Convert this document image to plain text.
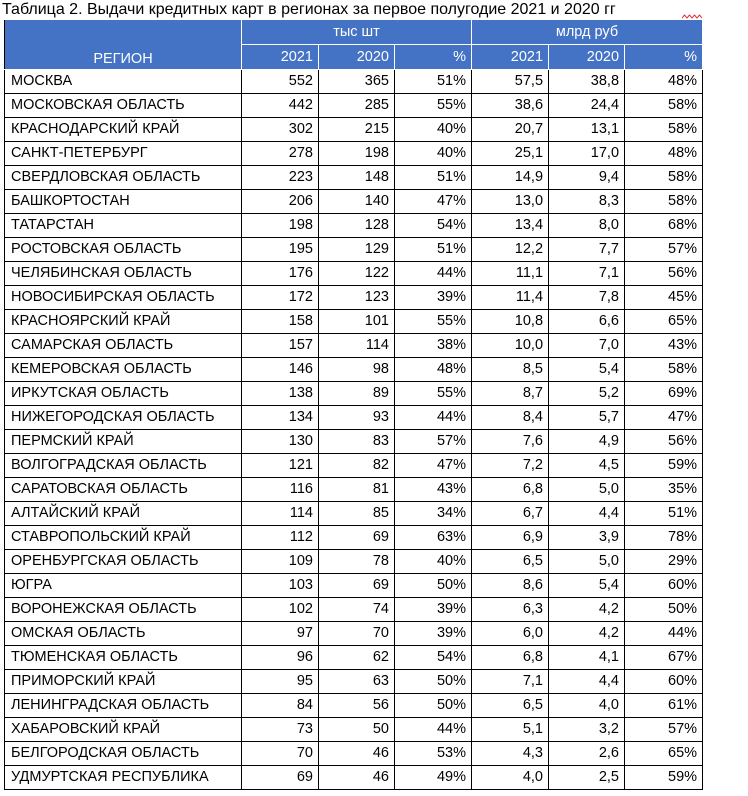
Таблица 2. Выдачи кредитных карт в регионах за первое полугодие 2021 и 2020 гг
РЕГИОН	тыс шт			млрд руб		
	2021	2020	%	2021	2020	%
МОСКВА	552	365	51%	57,5	38,8	48%
МОСКОВСКАЯ ОБЛАСТЬ	442	285	55%	38,6	24,4	58%
КРАСНОДАРСКИЙ КРАЙ	302	215	40%	20,7	13,1	58%
САНКТ-ПЕТЕРБУРГ	278	198	40%	25,1	17,0	48%
СВЕРДЛОВСКАЯ ОБЛАСТЬ	223	148	51%	14,9	9,4	58%
БАШКОРТОСТАН	206	140	47%	13,0	8,3	58%
ТАТАРСТАН	198	128	54%	13,4	8,0	68%
РОСТОВСКАЯ ОБЛАСТЬ	195	129	51%	12,2	7,7	57%
ЧЕЛЯБИНСКАЯ ОБЛАСТЬ	176	122	44%	11,1	7,1	56%
НОВОСИБИРСКАЯ ОБЛАСТЬ	172	123	39%	11,4	7,8	45%
КРАСНОЯРСКИЙ КРАЙ	158	101	55%	10,8	6,6	65%
САМАРСКАЯ ОБЛАСТЬ	157	114	38%	10,0	7,0	43%
КЕМЕРОВСКАЯ ОБЛАСТЬ	146	98	48%	8,5	5,4	58%
ИРКУТСКАЯ ОБЛАСТЬ	138	89	55%	8,7	5,2	69%
НИЖЕГОРОДСКАЯ ОБЛАСТЬ	134	93	44%	8,4	5,7	47%
ПЕРМСКИЙ КРАЙ	130	83	57%	7,6	4,9	56%
ВОЛГОГРАДСКАЯ ОБЛАСТЬ	121	82	47%	7,2	4,5	59%
САРАТОВСКАЯ ОБЛАСТЬ	116	81	43%	6,8	5,0	35%
АЛТАЙСКИЙ КРАЙ	114	85	34%	6,7	4,4	51%
СТАВРОПОЛЬСКИЙ КРАЙ	112	69	63%	6,9	3,9	78%
ОРЕНБУРГСКАЯ ОБЛАСТЬ	109	78	40%	6,5	5,0	29%
ЮГРА	103	69	50%	8,6	5,4	60%
ВОРОНЕЖСКАЯ ОБЛАСТЬ	102	74	39%	6,3	4,2	50%
ОМСКАЯ ОБЛАСТЬ	97	70	39%	6,0	4,2	44%
ТЮМЕНСКАЯ ОБЛАСТЬ	96	62	54%	6,8	4,1	67%
ПРИМОРСКИЙ КРАЙ	95	63	50%	7,1	4,4	60%
ЛЕНИНГРАДСКАЯ ОБЛАСТЬ	84	56	50%	6,5	4,0	61%
ХАБАРОВСКИЙ КРАЙ	73	50	44%	5,1	3,2	57%
БЕЛГОРОДСКАЯ ОБЛАСТЬ	70	46	53%	4,3	2,6	65%
УДМУРТСКАЯ РЕСПУБЛИКА	69	46	49%	4,0	2,5	59%
